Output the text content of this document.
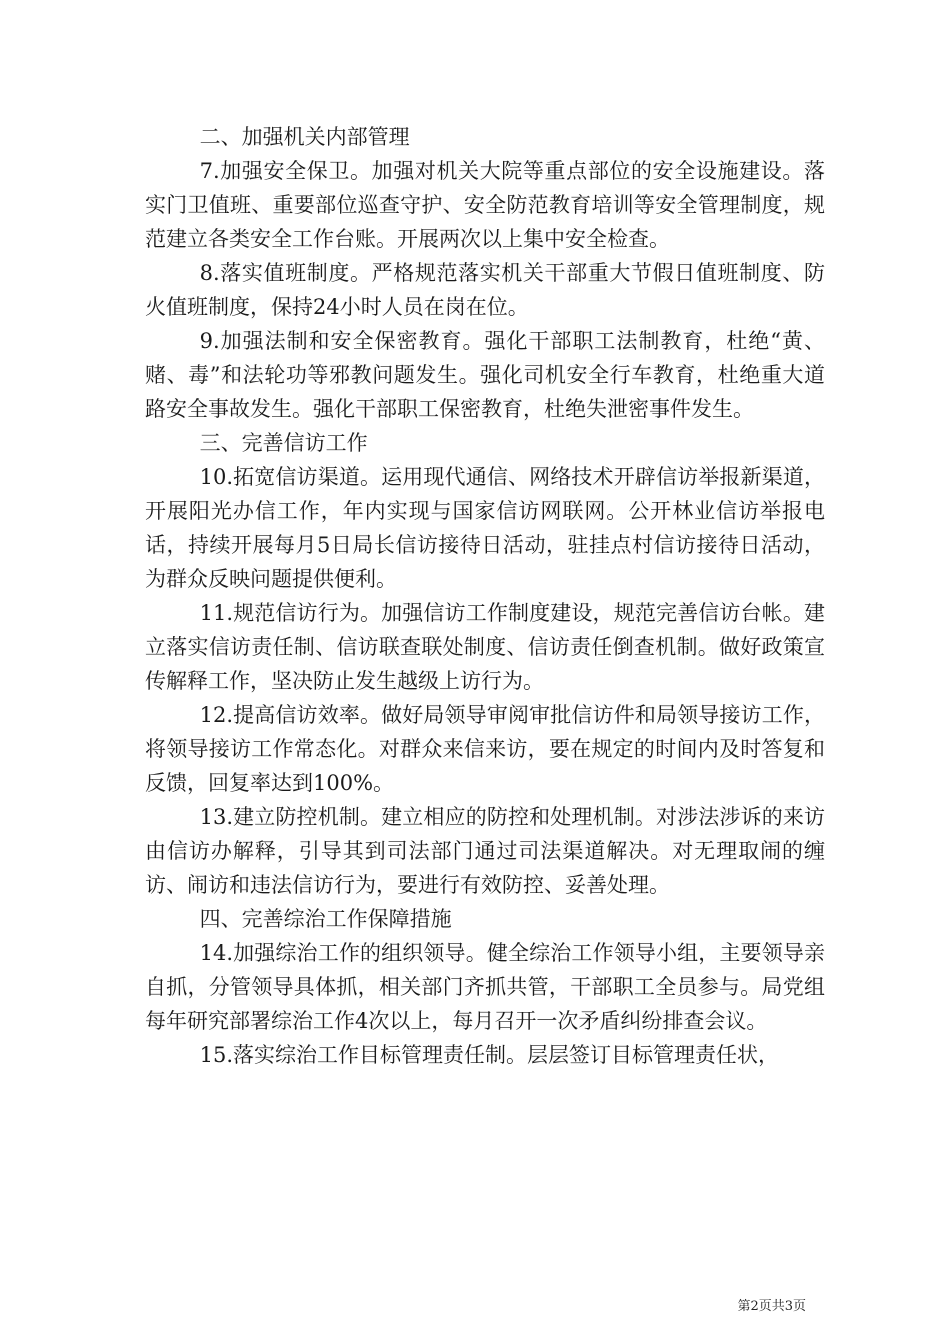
二、加强机关内部管理

7.加强安全保卫。加强对机关大院等重点部位的安全设施建设。落实门卫值班、重要部位巡查守护、安全防范教育培训等安全管理制度，规范建立各类安全工作台账。开展两次以上集中安全检查。

8.落实值班制度。严格规范落实机关干部重大节假日值班制度、防火值班制度，保持24小时人员在岗在位。

9.加强法制和安全保密教育。强化干部职工法制教育，杜绝“黄、赌、毒”和法轮功等邪教问题发生。强化司机安全行车教育，杜绝重大道路安全事故发生。强化干部职工保密教育，杜绝失泄密事件发生。

三、完善信访工作

10.拓宽信访渠道。运用现代通信、网络技术开辟信访举报新渠道，开展阳光办信工作，年内实现与国家信访网联网。公开林业信访举报电话，持续开展每月5日局长信访接待日活动，驻挂点村信访接待日活动，为群众反映问题提供便利。

11.规范信访行为。加强信访工作制度建设，规范完善信访台帐。建立落实信访责任制、信访联查联处制度、信访责任倒查机制。做好政策宣传解释工作，坚决防止发生越级上访行为。

12.提高信访效率。做好局领导审阅审批信访件和局领导接访工作，将领导接访工作常态化。对群众来信来访，要在规定的时间内及时答复和反馈，回复率达到100%。

13.建立防控机制。建立相应的防控和处理机制。对涉法涉诉的来访由信访办解释，引导其到司法部门通过司法渠道解决。对无理取闹的缠访、闹访和违法信访行为，要进行有效防控、妥善处理。

四、完善综治工作保障措施

14.加强综治工作的组织领导。健全综治工作领导小组，主要领导亲自抓，分管领导具体抓，相关部门齐抓共管，干部职工全员参与。局党组每年研究部署综治工作4次以上，每月召开一次矛盾纠纷排查会议。

15.落实综治工作目标管理责任制。层层签订目标管理责任状，

第2页共3页
